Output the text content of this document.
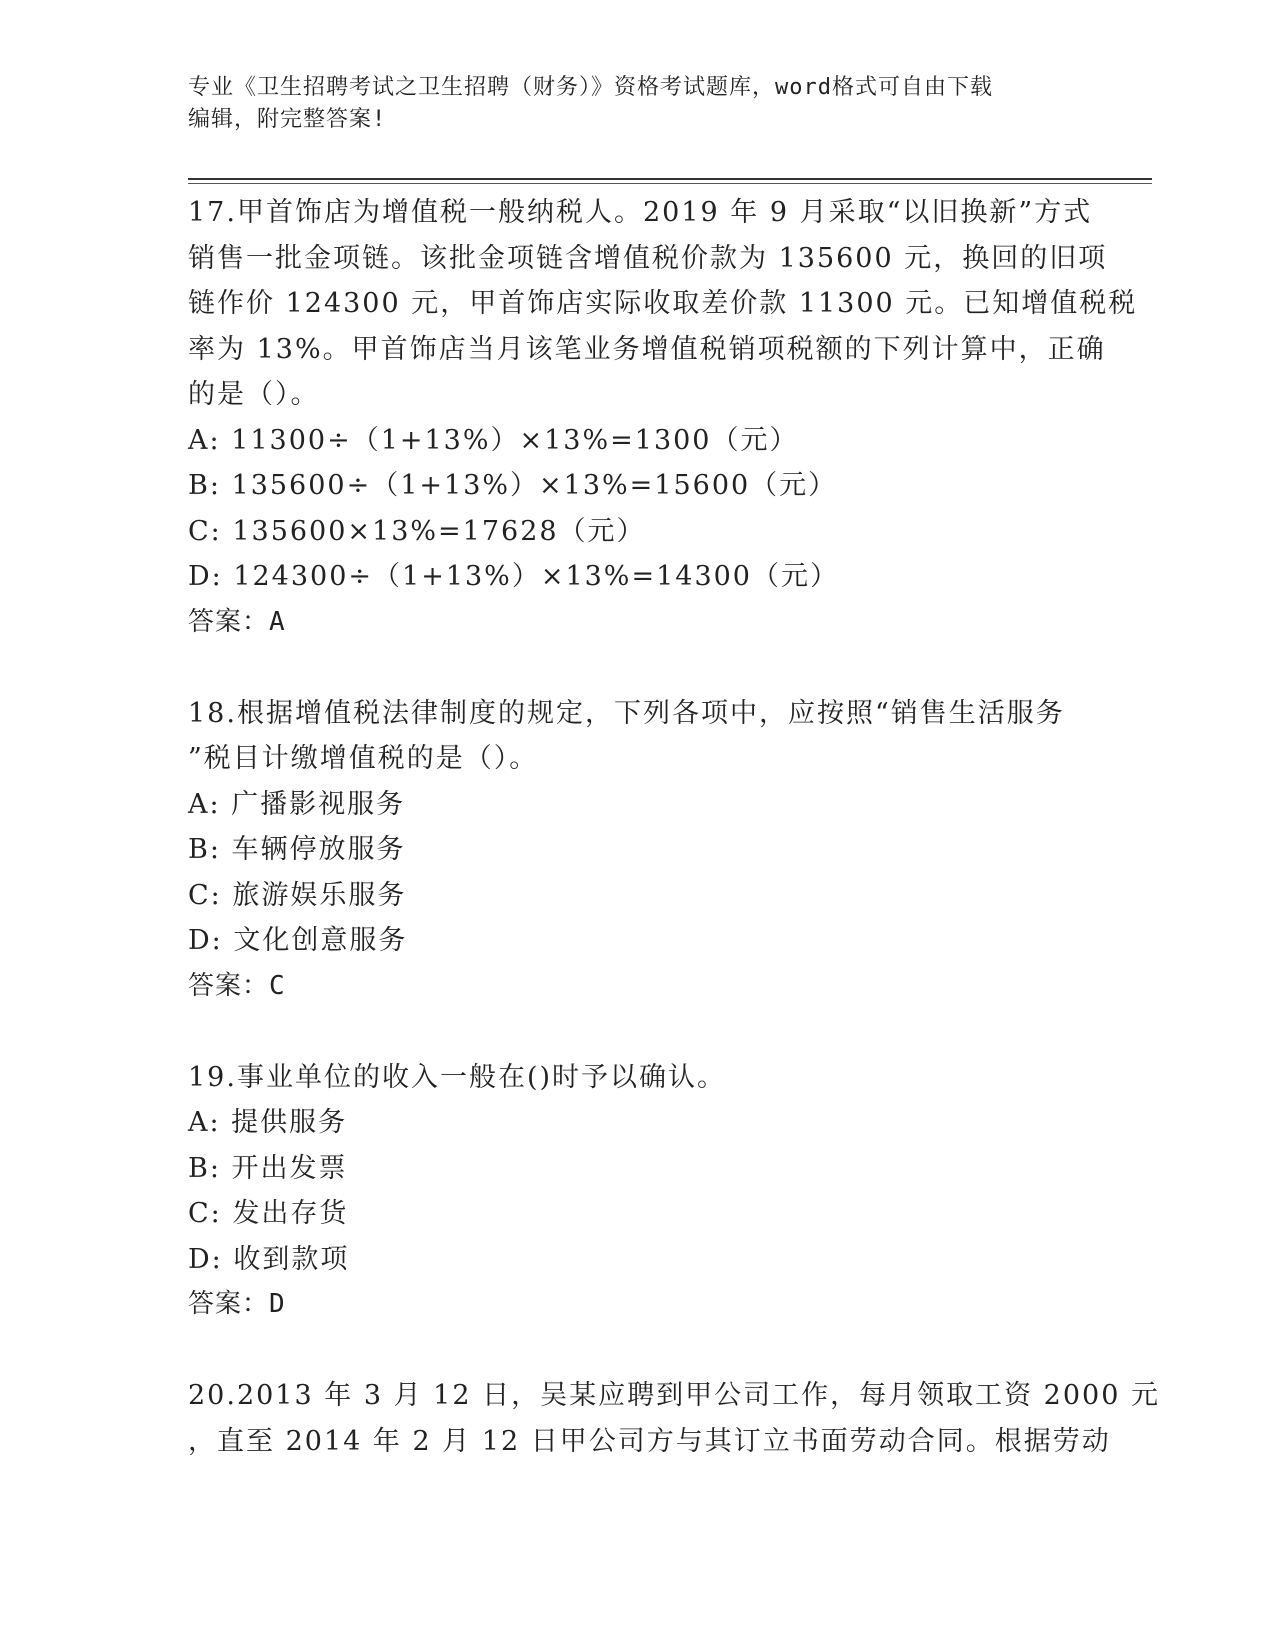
专业《卫生招聘考试之卫生招聘（财务）》资格考试题库，word格式可自由下载
编辑，附完整答案!
17.甲首饰店为增值税一般纳税人。2019 年 9 月采取“以旧换新”方式
销售一批金项链。该批金项链含增值税价款为 135600 元，换回的旧项
链作价 124300 元，甲首饰店实际收取差价款 11300 元。已知增值税税
率为 13%。甲首饰店当月该笔业务增值税销项税额的下列计算中，正确
的是（）。
A: 11300÷（1+13%）×13%=1300（元）
B: 135600÷（1+13%）×13%=15600（元）
C: 135600×13%=17628（元）
D: 124300÷（1+13%）×13%=14300（元）
答案：A
18.根据增值税法律制度的规定，下列各项中，应按照“销售生活服务
”税目计缴增值税的是（）。
A: 广播影视服务
B: 车辆停放服务
C: 旅游娱乐服务
D: 文化创意服务
答案：C
19.事业单位的收入一般在()时予以确认。
A: 提供服务
B: 开出发票
C: 发出存货
D: 收到款项
答案：D
20.2013 年 3 月 12 日，吴某应聘到甲公司工作，每月领取工资 2000 元
，直至 2014 年 2 月 12 日甲公司方与其订立书面劳动合同。根据劳动
